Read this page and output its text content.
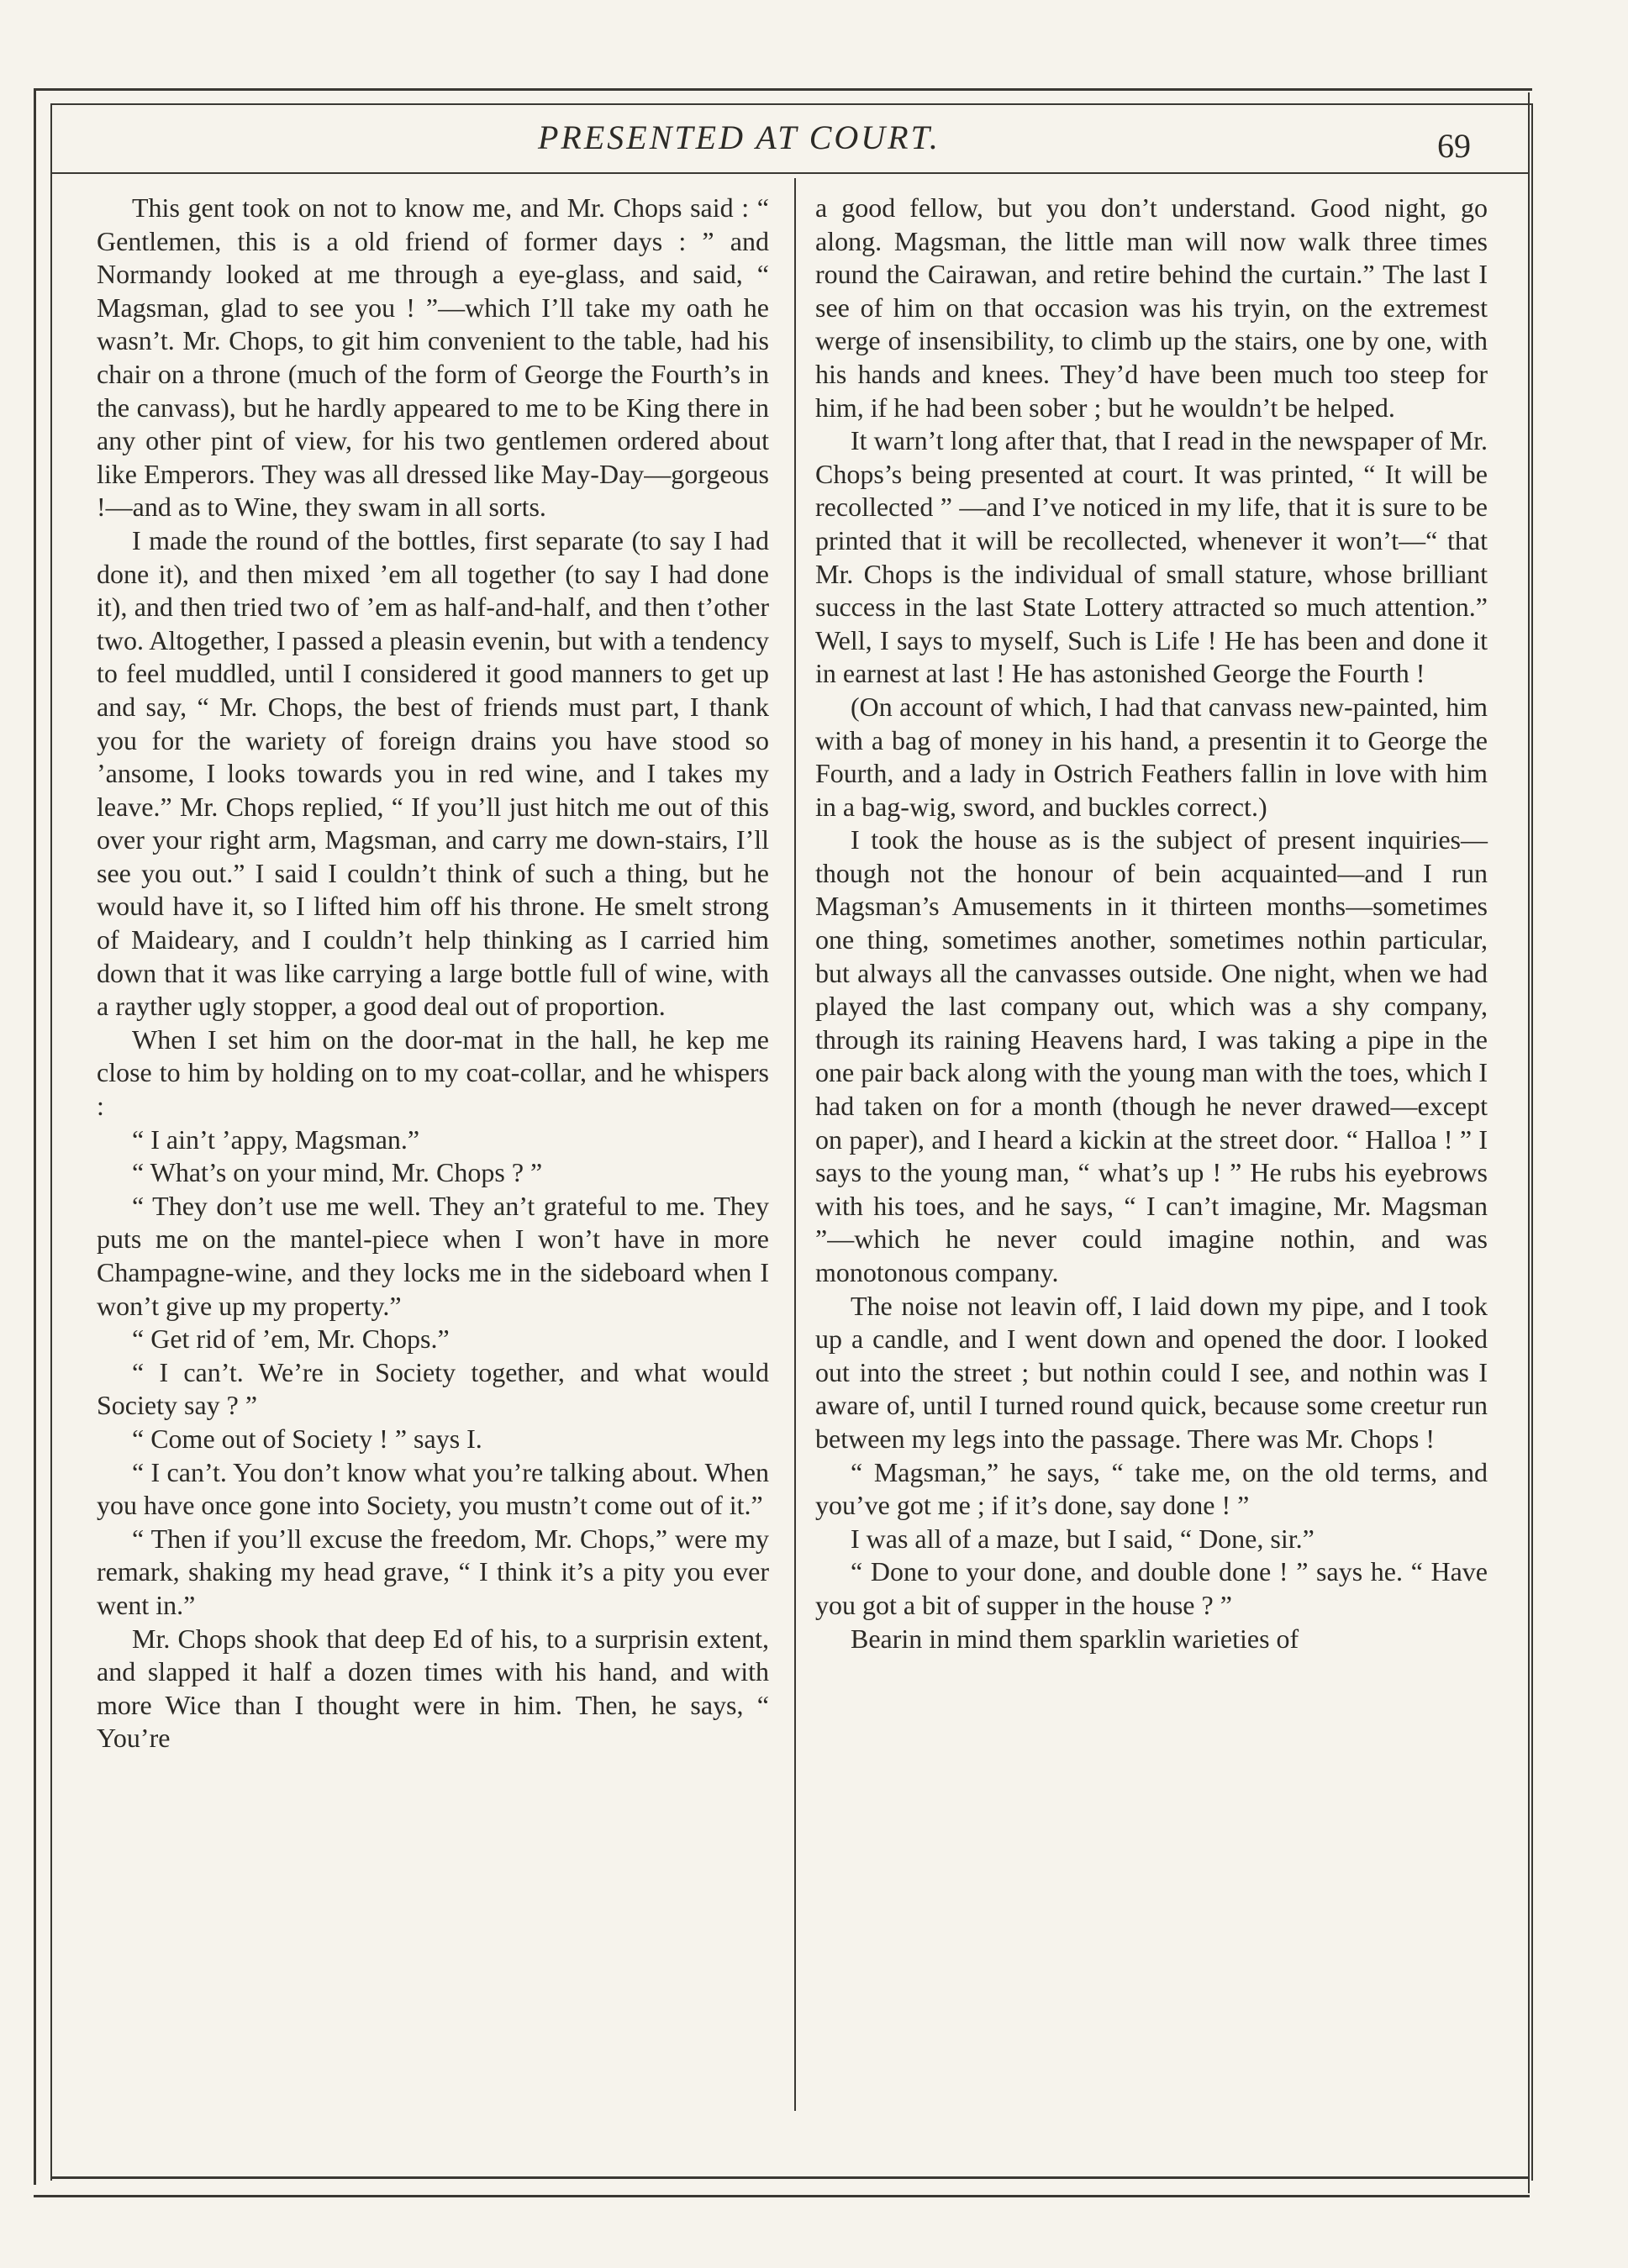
PRESENTED AT COURT.	69

This gent took on not to know me, and Mr. Chops said : “ Gentlemen, this is a old friend of former days : ” and Normandy looked at me through a eye-glass, and said, “ Magsman, glad to see you ! ”—which I’ll take my oath he wasn’t. Mr. Chops, to git him convenient to the table, had his chair on a throne (much of the form of George the Fourth’s in the canvass), but he hardly appeared to me to be King there in any other pint of view, for his two gentlemen ordered about like Emperors. They was all dressed like May-Day—gorgeous !—and as to Wine, they swam in all sorts.

I made the round of the bottles, first separate (to say I had done it), and then mixed ’em all together (to say I had done it), and then tried two of ’em as half-and-half, and then t’other two. Altogether, I passed a pleasin evenin, but with a tendency to feel muddled, until I considered it good manners to get up and say, “ Mr. Chops, the best of friends must part, I thank you for the wariety of foreign drains you have stood so ’ansome, I looks towards you in red wine, and I takes my leave.” Mr. Chops replied, “ If you’ll just hitch me out of this over your right arm, Magsman, and carry me down-stairs, I’ll see you out.” I said I couldn’t think of such a thing, but he would have it, so I lifted him off his throne. He smelt strong of Maideary, and I couldn’t help thinking as I carried him down that it was like carrying a large bottle full of wine, with a rayther ugly stopper, a good deal out of proportion.

When I set him on the door-mat in the hall, he kep me close to him by holding on to my coat-collar, and he whispers :

“ I ain’t ’appy, Magsman.”

“ What’s on your mind, Mr. Chops ? ”

“ They don’t use me well. They an’t grateful to me. They puts me on the mantel-piece when I won’t have in more Champagne-wine, and they locks me in the sideboard when I won’t give up my property.”

“ Get rid of ’em, Mr. Chops.”

“ I can’t. We’re in Society together, and what would Society say ? ”

“ Come out of Society ! ” says I.

“ I can’t. You don’t know what you’re talking about. When you have once gone into Society, you mustn’t come out of it.”

“ Then if you’ll excuse the freedom, Mr. Chops,” were my remark, shaking my head grave, “ I think it’s a pity you ever went in.”

Mr. Chops shook that deep Ed of his, to a surprisin extent, and slapped it half a dozen times with his hand, and with more Wice than I thought were in him. Then, he says, “ You’re

a good fellow, but you don’t understand. Good night, go along. Magsman, the little man will now walk three times round the Cairawan, and retire behind the curtain.” The last I see of him on that occasion was his tryin, on the extremest werge of insensibility, to climb up the stairs, one by one, with his hands and knees. They’d have been much too steep for him, if he had been sober ; but he wouldn’t be helped.

It warn’t long after that, that I read in the newspaper of Mr. Chops’s being presented at court. It was printed, “ It will be recollected ” —and I’ve noticed in my life, that it is sure to be printed that it will be recollected, whenever it won’t—“ that Mr. Chops is the individual of small stature, whose brilliant success in the last State Lottery attracted so much attention.” Well, I says to myself, Such is Life ! He has been and done it in earnest at last ! He has astonished George the Fourth !

(On account of which, I had that canvass new-painted, him with a bag of money in his hand, a presentin it to George the Fourth, and a lady in Ostrich Feathers fallin in love with him in a bag-wig, sword, and buckles correct.)

I took the house as is the subject of present inquiries—though not the honour of bein acquainted—and I run Magsman’s Amusements in it thirteen months—sometimes one thing, sometimes another, sometimes nothin particular, but always all the canvasses outside. One night, when we had played the last company out, which was a shy company, through its raining Heavens hard, I was taking a pipe in the one pair back along with the young man with the toes, which I had taken on for a month (though he never drawed—except on paper), and I heard a kickin at the street door. “ Halloa ! ” I says to the young man, “ what’s up ! ” He rubs his eyebrows with his toes, and he says, “ I can’t imagine, Mr. Magsman ”—which he never could imagine nothin, and was monotonous company.

The noise not leavin off, I laid down my pipe, and I took up a candle, and I went down and opened the door. I looked out into the street ; but nothin could I see, and nothin was I aware of, until I turned round quick, because some creetur run between my legs into the passage. There was Mr. Chops !

“ Magsman,” he says, “ take me, on the old terms, and you’ve got me ; if it’s done, say done ! ”

I was all of a maze, but I said, “ Done, sir.”

“ Done to your done, and double done ! ” says he. “ Have you got a bit of supper in the house ? ”

Bearin in mind them sparklin warieties of
